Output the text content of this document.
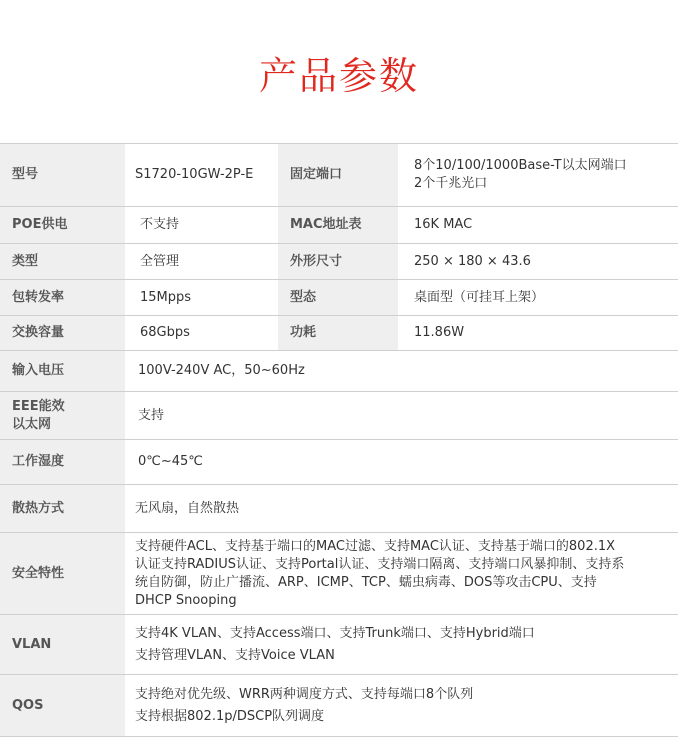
产品参数
型号	S1720-10GW-2P-E	固定端口	8个10/100/1000Base-T以太网端口
2个千兆光口

POE供电	不支持	MAC地址表	16K MAC
类型	全管理	外形尺寸	250 × 180 × 43.6
包转发率	15Mpps	型态	桌面型（可挂耳上架）
交换容量	68Gbps	功耗	11.86W
输入电压	100V-240V AC，50~60Hz		

EEE能效
以太网	支持		
工作湿度	0℃~45℃		
散热方式	无风扇，自然散热		
安全特性	支持硬件ACL、支持基于端口的MAC过滤、支持MAC认证、支持基于端口的802.1X
认证支持RADIUS认证、支持Portal认证、支持端口隔离、支持端口风暴抑制、支持系
统自防御，防止广播流、ARP、ICMP、TCP、蠕虫病毒、DOS等攻击CPU、支持
DHCP Snooping		

VLAN	支持4K VLAN、支持Access端口、支持Trunk端口、支持Hybrid端口
支持管理VLAN、支持Voice VLAN		

QOS	支持绝对优先级、WRR两种调度方式、支持每端口8个队列
支持根据802.1p/DSCP队列调度		
